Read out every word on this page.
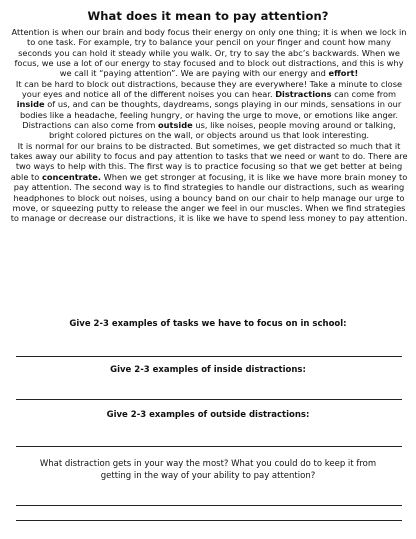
What does it mean to pay attention?

Attention is when our brain and body focus their energy on only one thing; it is when we lock in to one task. For example, try to balance your pencil on your finger and count how many seconds you can hold it steady while you walk. Or, try to say the abc’s backwards. When we focus, we use a lot of our energy to stay focused and to block out distractions, and this is why we call it “paying attention”. We are paying with our energy and effort!

It can be hard to block out distractions, because they are everywhere! Take a minute to close your eyes and notice all of the different noises you can hear. Distractions can come from inside of us, and can be thoughts, daydreams, songs playing in our minds, sensations in our bodies like a headache, feeling hungry, or having the urge to move, or emotions like anger. Distractions can also come from outside us, like noises, people moving around or talking, bright colored pictures on the wall, or objects around us that look interesting.

It is normal for our brains to be distracted. But sometimes, we get distracted so much that it takes away our ability to focus and pay attention to tasks that we need or want to do. There are two ways to help with this. The first way is to practice focusing so that we get better at being able to concentrate. When we get stronger at focusing, it is like we have more brain money to pay attention. The second way is to find strategies to handle our distractions, such as wearing headphones to block out noises, using a bouncy band on our chair to help manage our urge to move, or squeezing putty to release the anger we feel in our muscles. When we find strategies to manage or decrease our distractions, it is like we have to spend less money to pay attention.

Give 2-3 examples of tasks we have to focus on in school:
Give 2-3 examples of inside distractions:
Give 2-3 examples of outside distractions:
What distraction gets in your way the most? What you could do to keep it from getting in the way of your ability to pay attention?
